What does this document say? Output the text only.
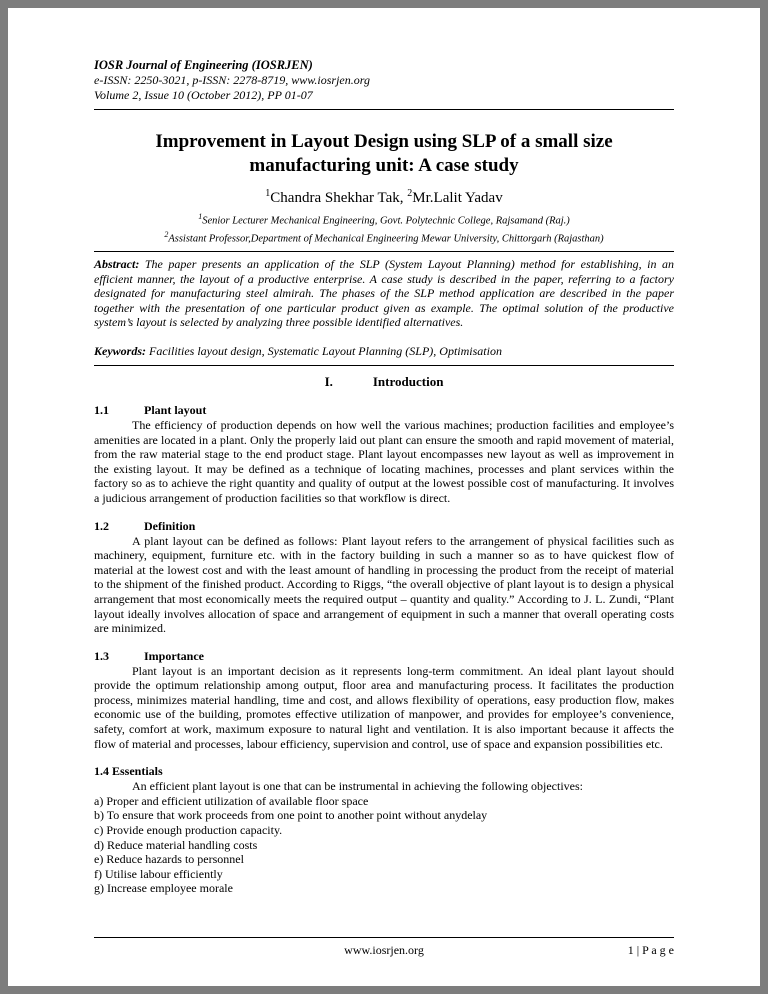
IOSR Journal of Engineering (IOSRJEN)
e-ISSN: 2250-3021, p-ISSN: 2278-8719, www.iosrjen.org
Volume 2, Issue 10 (October 2012), PP 01-07
Improvement in Layout Design using SLP of a small size manufacturing unit: A case study
$^1$Chandra Shekhar Tak, $^2$Mr.Lalit Yadav
$^1$Senior Lecturer Mechanical Engineering, Govt. Polytechnic College, Rajsamand (Raj.)
$^2$Assistant Professor,Department of Mechanical Engineering Mewar University, Chittorgarh (Rajasthan)

Abstract: The paper presents an application of the SLP (System Layout Planning) method for establishing, in an efficient manner, the layout of a productive enterprise. A case study is described in the paper, referring to a factory designated for manufacturing steel almirah. The phases of the SLP method application are described in the paper together with the presentation of one particular product given as example. The optimal solution of the productive system’s layout is selected by analyzing three possible identified alternatives.

Keywords: Facilities layout design, Systematic Layout Planning (SLP), Optimisation
I.	Introduction
1.1	Plant layout

The efficiency of production depends on how well the various machines; production facilities and employee’s amenities are located in a plant. Only the properly laid out plant can ensure the smooth and rapid movement of material, from the raw material stage to the end product stage. Plant layout encompasses new layout as well as improvement in the existing layout. It may be defined as a technique of locating machines, processes and plant services within the factory so as to achieve the right quantity and quality of output at the lowest possible cost of manufacturing. It involves a judicious arrangement of production facilities so that workflow is direct.

1.2	Definition

A plant layout can be defined as follows: Plant layout refers to the arrangement of physical facilities such as machinery, equipment, furniture etc. with in the factory building in such a manner so as to have quickest flow of material at the lowest cost and with the least amount of handling in processing the product from the receipt of material to the shipment of the finished product. According to Riggs, “the overall objective of plant layout is to design a physical arrangement that most economically meets the required output – quantity and quality.” According to J. L. Zundi, “Plant layout ideally involves allocation of space and arrangement of equipment in such a manner that overall operating costs are minimized.

1.3	Importance

Plant layout is an important decision as it represents long-term commitment. An ideal plant layout should provide the optimum relationship among output, floor area and manufacturing process. It facilitates the production process, minimizes material handling, time and cost, and allows flexibility of operations, easy production flow, makes economic use of the building, promotes effective utilization of manpower, and provides for employee’s convenience, safety, comfort at work, maximum exposure to natural light and ventilation. It is also important because it affects the flow of material and processes, labour efficiency, supervision and control, use of space and expansion possibilities etc.

1.4 Essentials
An efficient plant layout is one that can be instrumental in achieving the following objectives:
a) Proper and efficient utilization of available floor space
b) To ensure that work proceeds from one point to another point without anydelay
c) Provide enough production capacity.
d) Reduce material handling costs
e) Reduce hazards to personnel
f) Utilise labour efficiently
g) Increase employee morale
www.iosrjen.org	1 | P a g e
